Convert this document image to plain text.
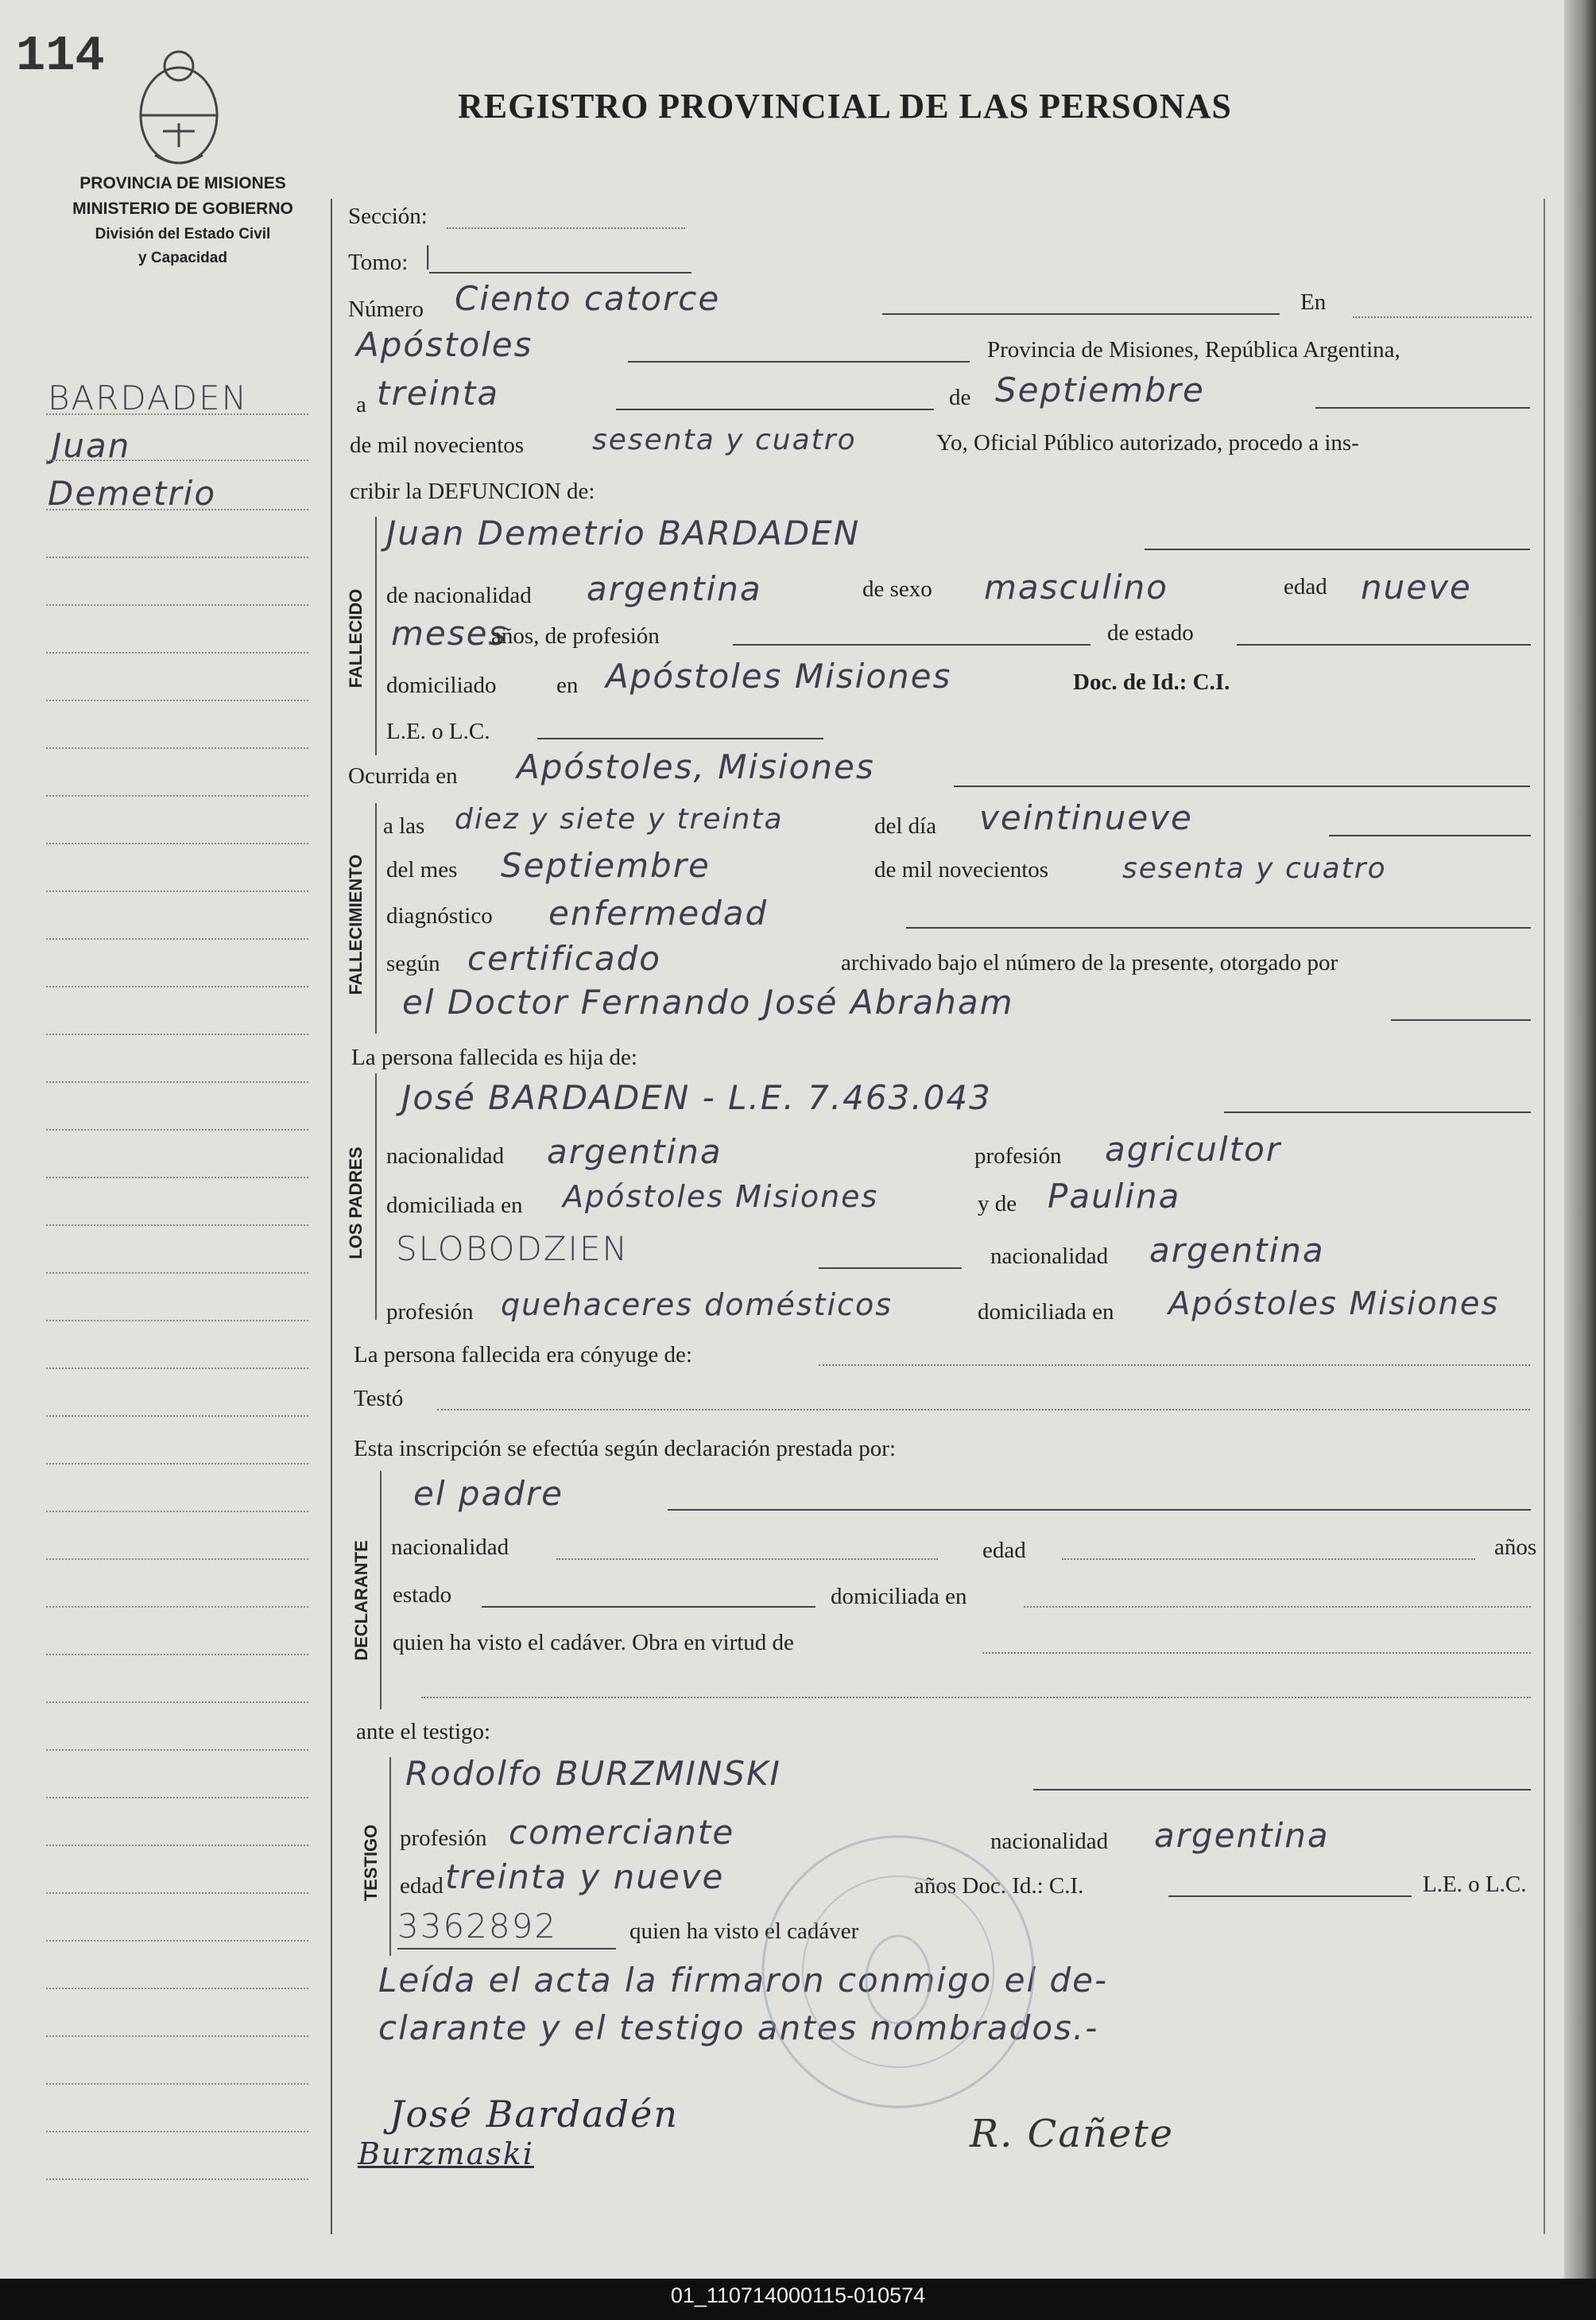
114
PROVINCIA DE MISIONES
MINISTERIO DE GOBIERNO
División del Estado Civil
y Capacidad
REGISTRO PROVINCIAL DE LAS PERSONAS
BARDADEN
Juan
Demetrio
Sección:
Tomo: I
Número Ciento catorce	En
Apóstoles	Provincia de Misiones, República Argentina,
a treinta	de Septiembre
de mil novecientos sesenta y cuatro	Yo, Oficial Público autorizado, procedo a ins-
cribir la DEFUNCION de:
FALLECIDO
Juan Demetrio BARDADEN
de nacionalidad argentina	de sexo masculino	edad nueve
meses
años, de profesión	de estado
domiciliado	en Apóstoles Misiones	Doc. de Id.: C.I.
L.E. o L.C.
Ocurrida en Apóstoles, Misiones
FALLECIMIENTO
a las diez y siete y treinta	del día veintinueve
del mes Septiembre	de mil novecientos	sesenta y cuatro
diagnóstico enfermedad
según certificado	archivado bajo el número de la presente, otorgado por
el Doctor Fernando José Abraham
La persona fallecida es hija de:
LOS PADRES
José BARDADEN - L.E. 7.463.043
nacionalidad argentina	profesión agricultor
domiciliada en Apóstoles Misiones	y de Paulina
SLOBODZIEN	nacionalidad argentina
profesión quehaceres domésticos	domiciliada en Apóstoles Misiones
La persona fallecida era cónyuge de:
Testó
Esta inscripción se efectúa según declaración prestada por:
DECLARANTE
el padre
nacionalidad	edad	años
estado	domiciliada en
quien ha visto el cadáver. Obra en virtud de
ante el testigo:
TESTIGO
Rodolfo BURZMINSKI
profesión comerciante	nacionalidad argentina
edad treinta y nueve	años Doc. Id.: C.I.	L.E. o L.C.
3362892	quien ha visto el cadáver
Leída el acta la firmaron conmigo el de-
clarante y el testigo antes nombrados.-
José Bardadén
Burzmaski	R. Cañete
01_110714000115-010574
